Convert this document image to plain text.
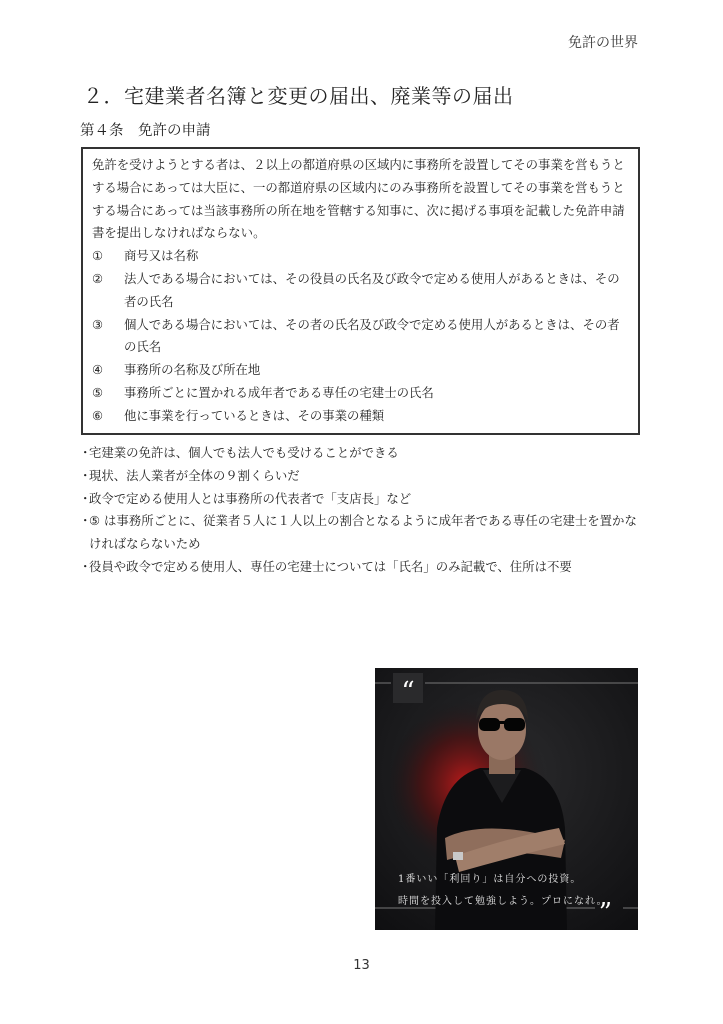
免許の世界
２．宅建業者名簿と変更の届出、廃業等の届出
第４条　免許の申請

免許を受けようとする者は、２以上の都道府県の区域内に事務所を設置してその事業を営もうとする場合にあっては大臣に、一の都道府県の区域内にのみ事務所を設置してその事業を営もうとする場合にあっては当該事務所の所在地を管轄する知事に、次に掲げる事項を記載した免許申請書を提出しなければならない。

①	商号又は名称
②	法人である場合においては、その役員の氏名及び政令で定める使用人があるときは、その者の氏名
③	個人である場合においては、その者の氏名及び政令で定める使用人があるときは、その者の氏名
④	事務所の名称及び所在地
⑤	事務所ごとに置かれる成年者である専任の宅建士の氏名
⑥	他に事業を行っているときは、その事業の種類
・
宅建業の免許は、個人でも法人でも受けることができる
・
現状、法人業者が全体の９割くらいだ
・
政令で定める使用人とは事務所の代表者で「支店長」など
・
⑤ は事務所ごとに、従業者５人に１人以上の割合となるように成年者である専任の宅建士を置かなければならないため
・
役員や政令で定める使用人、専任の宅建士については「氏名」のみ記載で、住所は不要
“
1番いい「利回り」は自分への投資。
時間を投入して勉強しよう。プロになれ。
”
13
